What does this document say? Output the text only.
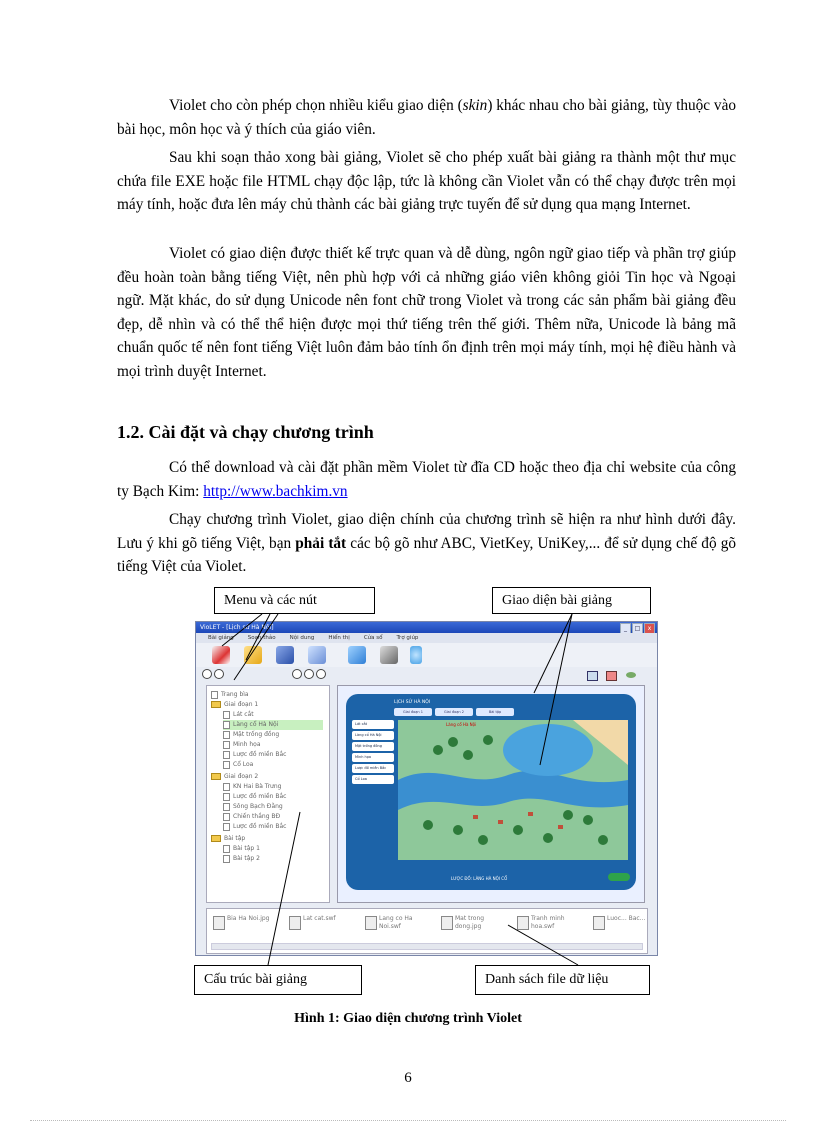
Violet cho còn phép chọn nhiều kiểu giao diện (skin) khác nhau cho bài giảng, tùy thuộc vào bài học, môn học và ý thích của giáo viên.

Sau khi soạn thảo xong bài giảng, Violet sẽ cho phép xuất bài giảng ra thành một thư mục chứa file EXE hoặc file HTML chạy độc lập, tức là không cần Violet vẫn có thể chạy được trên mọi máy tính, hoặc đưa lên máy chủ thành các bài giảng trực tuyến để sử dụng qua mạng Internet.

Violet có giao diện được thiết kế trực quan và dễ dùng, ngôn ngữ giao tiếp và phần trợ giúp đều hoàn toàn bằng tiếng Việt, nên phù hợp với cả những giáo viên không giỏi Tin học và Ngoại ngữ. Mặt khác, do sử dụng Unicode nên font chữ trong Violet và trong các sản phẩm bài giảng đều đẹp, dễ nhìn và có thể thể hiện được mọi thứ tiếng trên thế giới. Thêm nữa, Unicode là bảng mã chuẩn quốc tế nên font tiếng Việt luôn đảm bảo tính ổn định trên mọi máy tính, mọi hệ điều hành và mọi trình duyệt Internet.

1.2. Cài đặt và chạy chương trình

Có thể download và cài đặt phần mềm Violet từ đĩa CD hoặc theo địa chỉ website của công ty Bạch Kim: http://www.bachkim.vn

Chạy chương trình Violet, giao diện chính của chương trình sẽ hiện ra như hình dưới đây. Lưu ý khi gõ tiếng Việt, bạn phải tắt các bộ gõ như ABC, VietKey, UniKey,... để sử dụng chế độ gõ tiếng Việt của Violet.

VioLET - [Lịch sử Hà Nội]	_	□	x
Bài giảng	Soạn thảo	Nội dung	Hiển thị	Cửa sổ	Trợ giúp
Trang bìa
Giai đoạn 1
Lát cắt
Làng cổ Hà Nội
Mặt trống đồng
Minh họa
Lược đồ miền Bắc
Cổ Loa
Giai đoạn 2
KN Hai Bà Trưng
Lược đồ miền Bắc
Sông Bạch Đằng
Chiến thắng BĐ
Lược đồ miền Bắc
Bài tập
Bài tập 1
Bài tập 2
LỊCH SỬ HÀ NỘI
Giai đoạn 1	Giai đoạn 2	Bài tập
Lát cắt
Làng cổ Hà Nội
Mặt trống đồng
Minh họa
Lược đồ miền Bắc
Cổ Loa
Làng cổ Hà Nội
LƯỢC ĐỒ: LÀNG HÀ NỘI CỔ
Bia Ha Noi.jpg	Lat cat.swf	Lang co Ha Noi.swf
Mat trong dong.jpg
Tranh minh hoa.swf
Luoc... Bac...
Menu và các nút	Giao diện bài giảng
Cấu trúc bài giảng	Danh sách file dữ liệu
Hình 1: Giao diện chương trình Violet
6
